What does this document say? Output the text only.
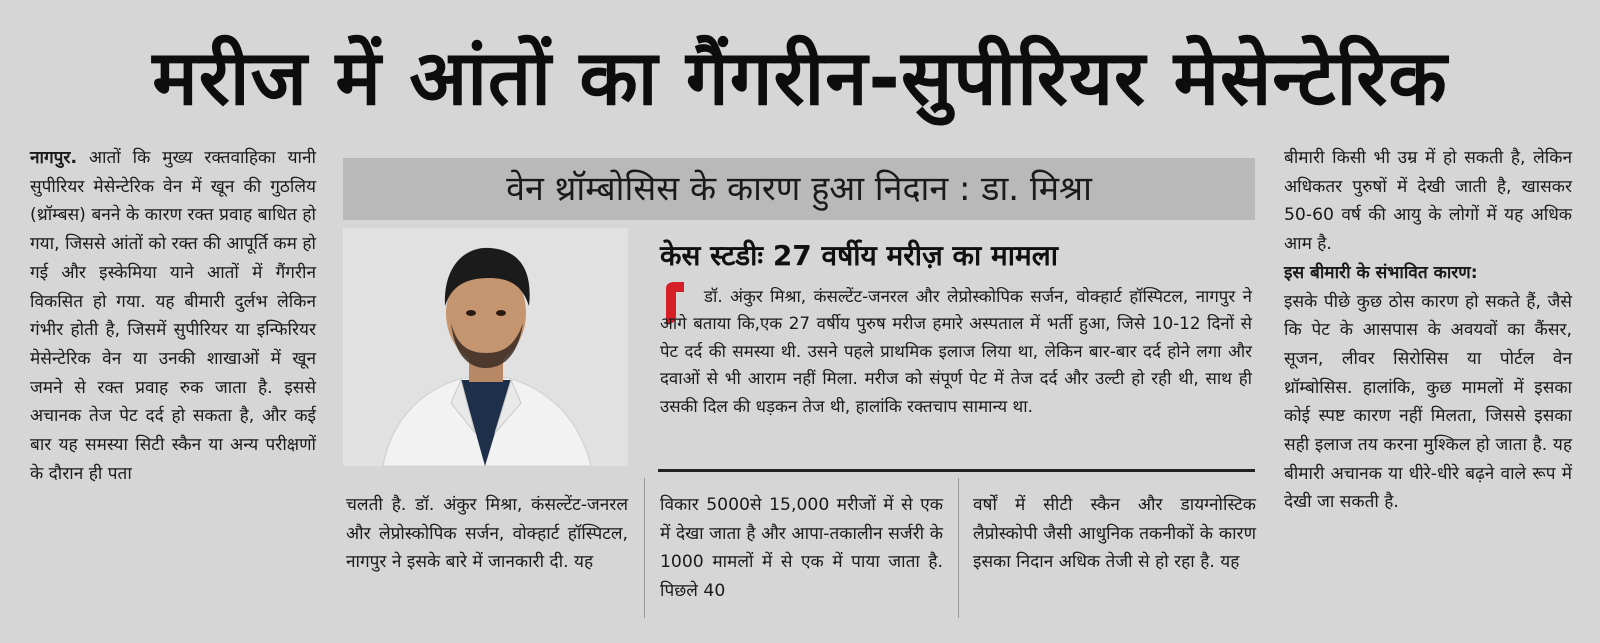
मरीज में आंतों का गैंगरीन-सुपीरियर मेसेन्टेरिक

नागपुर. आतों कि मुख्य रक्तवाहिका यानी सुपीरियर मेसेन्टेरिक वेन में खून की गुठलिय (थ्रॉम्बस) बनने के कारण रक्त प्रवाह बाधित हो गया, जिससे आंतों को रक्त की आपूर्ति कम हो गई और इस्केमिया याने आतों में गैंगरीन विकसित हो गया. यह बीमारी दुर्लभ लेकिन गंभीर होती है, जिसमें सुपीरियर या इन्फिरियर मेसेन्टेरिक वेन या उनकी शाखाओं में खून जमने से रक्त प्रवाह रुक जाता है. इससे अचानक तेज पेट दर्द हो सकता है, और कई बार यह समस्या सिटी स्कैन या अन्य परीक्षणों के दौरान ही पता

वेन थ्रॉम्बोसिस के कारण हुआ निदान : डा. मिश्रा
केस स्टडीः 27 वर्षीय मरीज़ का मामला
डॉ. अंकुर मिश्रा, कंसल्टेंट-जनरल और लेप्रोस्कोपिक सर्जन, वोक्हार्ट हॉस्पिटल, नागपुर ने आगे बताया कि,एक 27 वर्षीय पुरुष मरीज हमारे अस्पताल में भर्ती हुआ, जिसे 10-12 दिनों से पेट दर्द की समस्या थी. उसने पहले प्राथमिक इलाज लिया था, लेकिन बार-बार दर्द होने लगा और दवाओं से भी आराम नहीं मिला. मरीज को संपूर्ण पेट में तेज दर्द और उल्टी हो रही थी, साथ ही उसकी दिल की धड़कन तेज थी, हालांकि रक्तचाप सामान्य था.

चलती है. डॉ. अंकुर मिश्रा, कंसल्टेंट-जनरल और लेप्रोस्कोपिक सर्जन, वोक्हार्ट हॉस्पिटल, नागपुर ने इसके बारे में जानकारी दी. यह

विकार 5000से 15,000 मरीजों में से एक में देखा जाता है और आपा-तकालीन सर्जरी के 1000 मामलों में से एक में पाया जाता है. पिछले 40

वर्षों में सीटी स्कैन और डायग्नोस्टिक लैप्रोस्कोपी जैसी आधुनिक तकनीकों के कारण इसका निदान अधिक तेजी से हो रहा है. यह

बीमारी किसी भी उम्र में हो सकती है, लेकिन अधिकतर पुरुषों में देखी जाती है, खासकर 50-60 वर्ष की आयु के लोगों में यह अधिक आम है.

इस बीमारी के संभावित कारण:

इसके पीछे कुछ ठोस कारण हो सकते हैं, जैसे कि पेट के आसपास के अवयवों का कैंसर, सूजन, लीवर सिरोसिस या पोर्टल वेन थ्रॉम्बोसिस. हालांकि, कुछ मामलों में इसका कोई स्पष्ट कारण नहीं मिलता, जिससे इसका सही इलाज तय करना मुश्किल हो जाता है. यह बीमारी अचानक या धीरे-धीरे बढ़ने वाले रूप में देखी जा सकती है.
